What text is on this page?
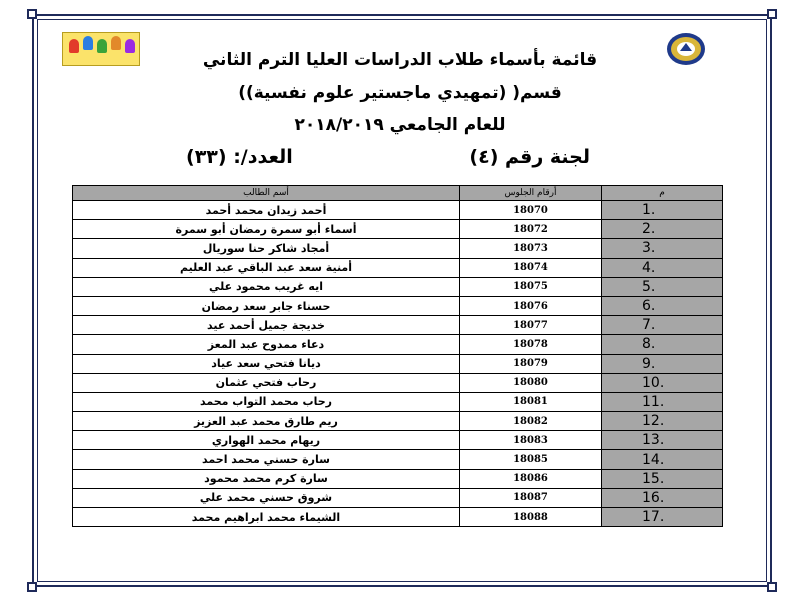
قائمة بأسماء طلاب الدراسات العليا الترم الثاني
قسم( (تمهيدي ماجستير علوم نفسية))
للعام الجامعي ٢٠١٨/٢٠١٩
لجنة رقم (٤)
العدد/: (٣٣)
أسم الطالب	أرقام الجلوس	م
أحمد زيدان محمد أحمد	18070	1.
أسماء أبو سمرة رمضان أبو سمرة	18072	2.
أمجاد شاكر حنا سوريال	18073	3.
أمنية سعد عبد الباقي عبد العليم	18074	4.
ايه غريب محمود علي	18075	5.
حسناء جابر سعد رمضان	18076	6.
خديجة جميل أحمد عيد	18077	7.
دعاء ممدوح عبد المعز	18078	8.
ديانا فتحي سعد عياد	18079	9.
رحاب فتحي عثمان	18080	10.
رحاب محمد التواب محمد	18081	11.
ريم طارق محمد عبد العزيز	18082	12.
ريهام محمد الهواري	18083	13.
سارة حسني محمد احمد	18085	14.
سارة كرم محمد محمود	18086	15.
شروق حسني محمد علي	18087	16.
الشيماء محمد ابراهيم محمد	18088	17.
